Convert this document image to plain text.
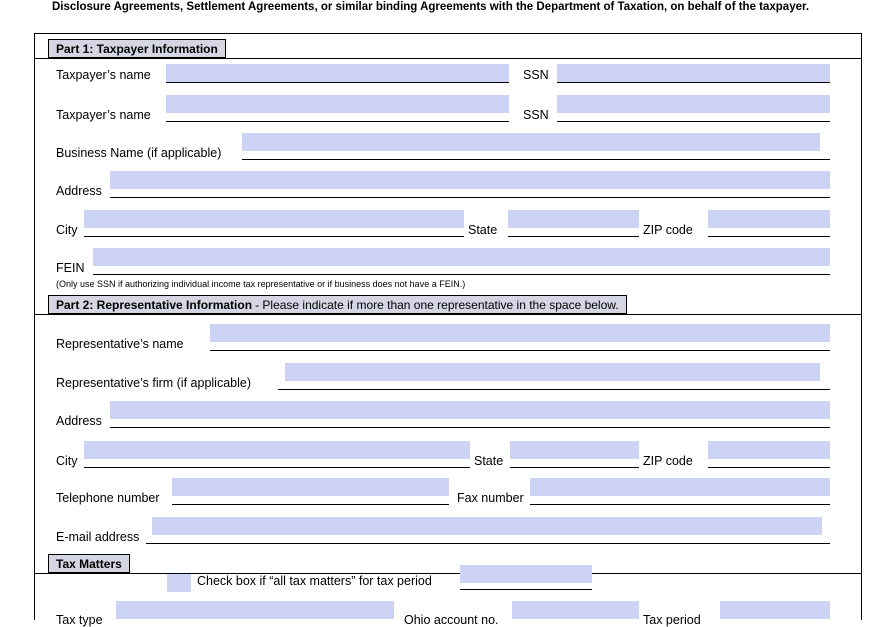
Disclosure Agreements, Settlement Agreements, or similar binding Agreements with the Department of Taxation, on behalf of the taxpayer.
Part 1: Taxpayer Information
Taxpayer’s name	SSN
Taxpayer’s name	SSN
Business Name (if applicable)
Address
City	State	ZIP code
FEIN
(Only use SSN if authorizing individual income tax representative or if business does not have a FEIN.)
Part 2: Representative Information - Please indicate if more than one representative in the space below.
Representative’s name
Representative’s firm (if applicable)
Address
City	State	ZIP code
Telephone number	Fax number
E-mail address
Tax Matters
Check box if “all tax matters” for tax period
Tax type	Ohio account no.	Tax period
